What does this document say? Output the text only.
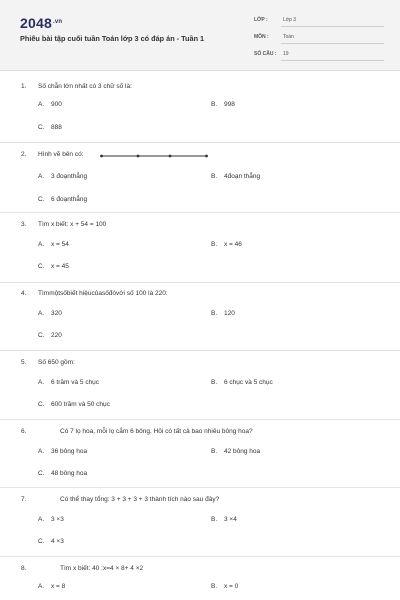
$2048^{.vn}$
Phiếu bài tập cuối tuần Toán lớp 3 có đáp án - Tuần 1
LỚP :	Lớp 3
MÔN :	Toán
SỐ CÂU : 19
1. Số chẵn lớn nhất có 3 chữ số là:
A. 900	B. 998
C. 888
2. Hình vẽ bên có:
A. 3 đoạnthẳng	B. 4đoạn thẳng
C. 6 đoạnthẳng
3. Tìm x biết: x + 54 = 100
A. x = 54	B. x = 46
C. x = 45
4. Tìmmộtsốbiết hiệucủasốđóvới số 100 là 220:
A. 320	B. 120
C. 220
5. Số 650 gồm:
A. 6 trăm và 5 chục	B. 6 chục và 5 chục
C. 600 trăm và 50 chục
6.	Có 7 lọ hoa, mỗi lọ cắm 6 bông. Hỏi có tất cả bao nhiêu bông hoa?
A. 36 bông hoa	B. 42 bông hoa
C. 48 bông hoa
7.	Có thể thay tổng: 3 + 3 + 3 + 3 thành tích nào sau đây?
A. 3 ×3	B. 3 ×4
C. 4 ×3
8.	Tìm x biết: 40 :x=4 × 8+ 4 ×2
A. x = 8	B. x = 0
